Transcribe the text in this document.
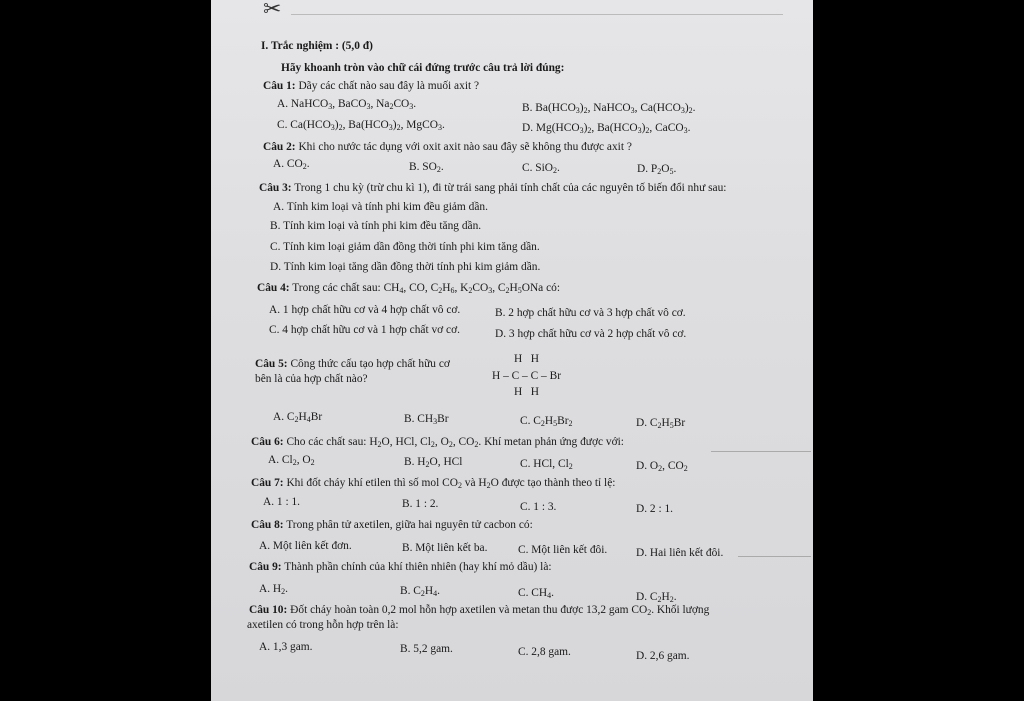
✂
I. Trắc nghiệm : (5,0 đ)
Hãy khoanh tròn vào chữ cái đứng trước câu trả lời đúng:
Câu 1: Dãy các chất nào sau đây là muối axit ?
A. NaHCO$_3$, BaCO$_3$, $Na_2CO_3$.	B. $Ba(HCO_3)_2$, NaHCO$_3$, $Ca(HCO_3)_2$.
C. $Ca(HCO_3)_2$, $Ba(HCO_3)_2$, MgCO$_3$.	D. $Mg(HCO_3)_2$, $Ba(HCO_3)_2$, CaCO$_3$.
Câu 2: Khi cho nước tác dụng với oxit axit nào sau đây sẽ không thu được axit ?
A. $CO_2$.	B. $SO_2$.	C. SiO$_2$.	D. $P_2O_5$.
Câu 3: Trong 1 chu kỳ (trừ chu kì 1), đi từ trái sang phải tính chất của các nguyên tố biến đổi như sau:
A. Tính kim loại và tính phi kim đều giảm dần.
B. Tính kim loại và tính phi kim đều tăng dần.
C. Tính kim loại giảm dần đồng thời tính phi kim tăng dần.
D. Tính kim loại tăng dần đồng thời tính phi kim giảm dần.
Câu 4: Trong các chất sau: $CH_4$, CO, $C_2H_6$, $K_2CO_3$, $C_2H_5ONa$ có:
A. 1 hợp chất hữu cơ và 4 hợp chất vô cơ.	B. 2 hợp chất hữu cơ và 3 hợp chất vô cơ.
C. 4 hợp chất hữu cơ và 1 hợp chất vơ cơ.	D. 3 hợp chất hữu cơ và 2 hợp chất vô cơ.
Câu 5: Công thức cấu tạo hợp chất hữu cơ
bên là của hợp chất nào?
H   H
H – C – C – Br
H   H
A. $C_2H_4Br$	B. $CH_3Br$	C. $C_2H_5Br_2$	D. $C_2H_5Br$
Câu 6: Cho các chất sau: $H_2O$, HCl, $Cl_2$, $O_2$, $CO_2$. Khí metan phản ứng được với:
A. $Cl_2$, $O_2$	B. $H_2O$, HCl	C. HCl, $Cl_2$	D. $O_2$, $CO_2$
Câu 7: Khi đốt cháy khí etilen thì số mol $CO_2$ và $H_2O$ được tạo thành theo tỉ lệ:
A. 1 : 1.	B. 1 : 2.	C. 1 : 3.	D. 2 : 1.
Câu 8: Trong phân tử axetilen, giữa hai nguyên tử cacbon có:
A. Một liên kết đơn.	B. Một liên kết ba.	C. Một liên kết đôi.	D. Hai liên kết đôi.
Câu 9: Thành phần chính của khí thiên nhiên (hay khí mỏ dầu) là:
A. $H_2$.	B. $C_2H_4$.	C. $CH_4$.	D. $C_2H_2$.
Câu 10: Đốt cháy hoàn toàn 0,2 mol hỗn hợp axetilen và metan thu được 13,2 gam $CO_2$. Khối lượng
axetilen có trong hỗn hợp trên là:
A. 1,3 gam.	B. 5,2 gam.	C. 2,8 gam.	D. 2,6 gam.
